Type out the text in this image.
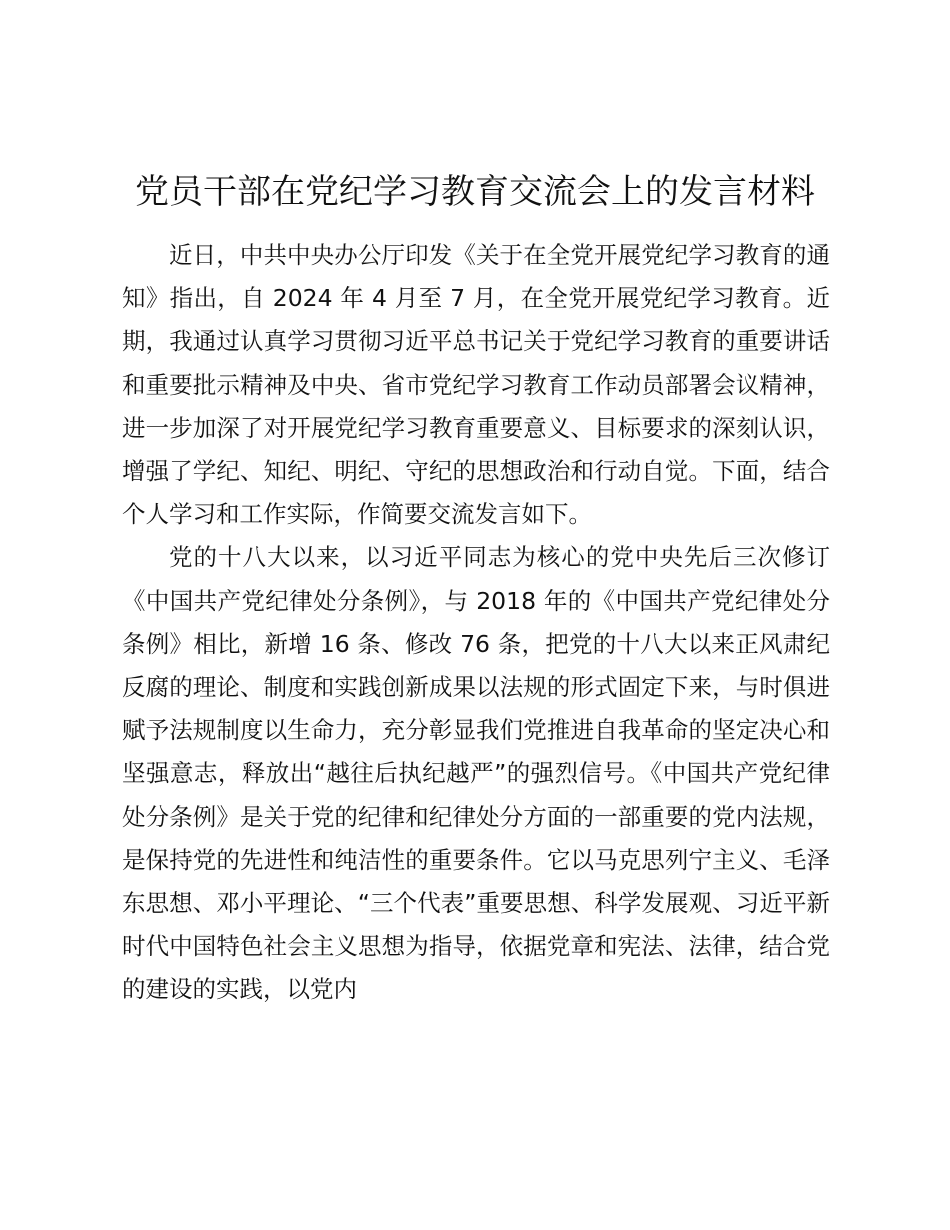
党员干部在党纪学习教育交流会上的发言材料

近日，中共中央办公厅印发《关于在全党开展党纪学习教育的通知》指出，自 2024 年 4 月至 7 月，在全党开展党纪学习教育。近期，我通过认真学习贯彻习近平总书记关于党纪学习教育的重要讲话和重要批示精神及中央、省市党纪学习教育工作动员部署会议精神，进一步加深了对开展党纪学习教育重要意义、目标要求的深刻认识，增强了学纪、知纪、明纪、守纪的思想政治和行动自觉。下面，结合个人学习和工作实际，作简要交流发言如下。

党的十八大以来，以习近平同志为核心的党中央先后三次修订《中国共产党纪律处分条例》，与 2018 年的《中国共产党纪律处分条例》相比，新增 16 条、修改 76 条，把党的十八大以来正风肃纪反腐的理论、制度和实践创新成果以法规的形式固定下来，与时俱进赋予法规制度以生命力，充分彰显我们党推进自我革命的坚定决心和坚强意志，释放出“越往后执纪越严”的强烈信号。《中国共产党纪律处分条例》是关于党的纪律和纪律处分方面的一部重要的党内法规，是保持党的先进性和纯洁性的重要条件。它以马克思列宁主义、毛泽东思想、邓小平理论、“三个代表”重要思想、科学发展观、习近平新时代中国特色社会主义思想为指导，依据党章和宪法、法律，结合党的建设的实践，以党内
